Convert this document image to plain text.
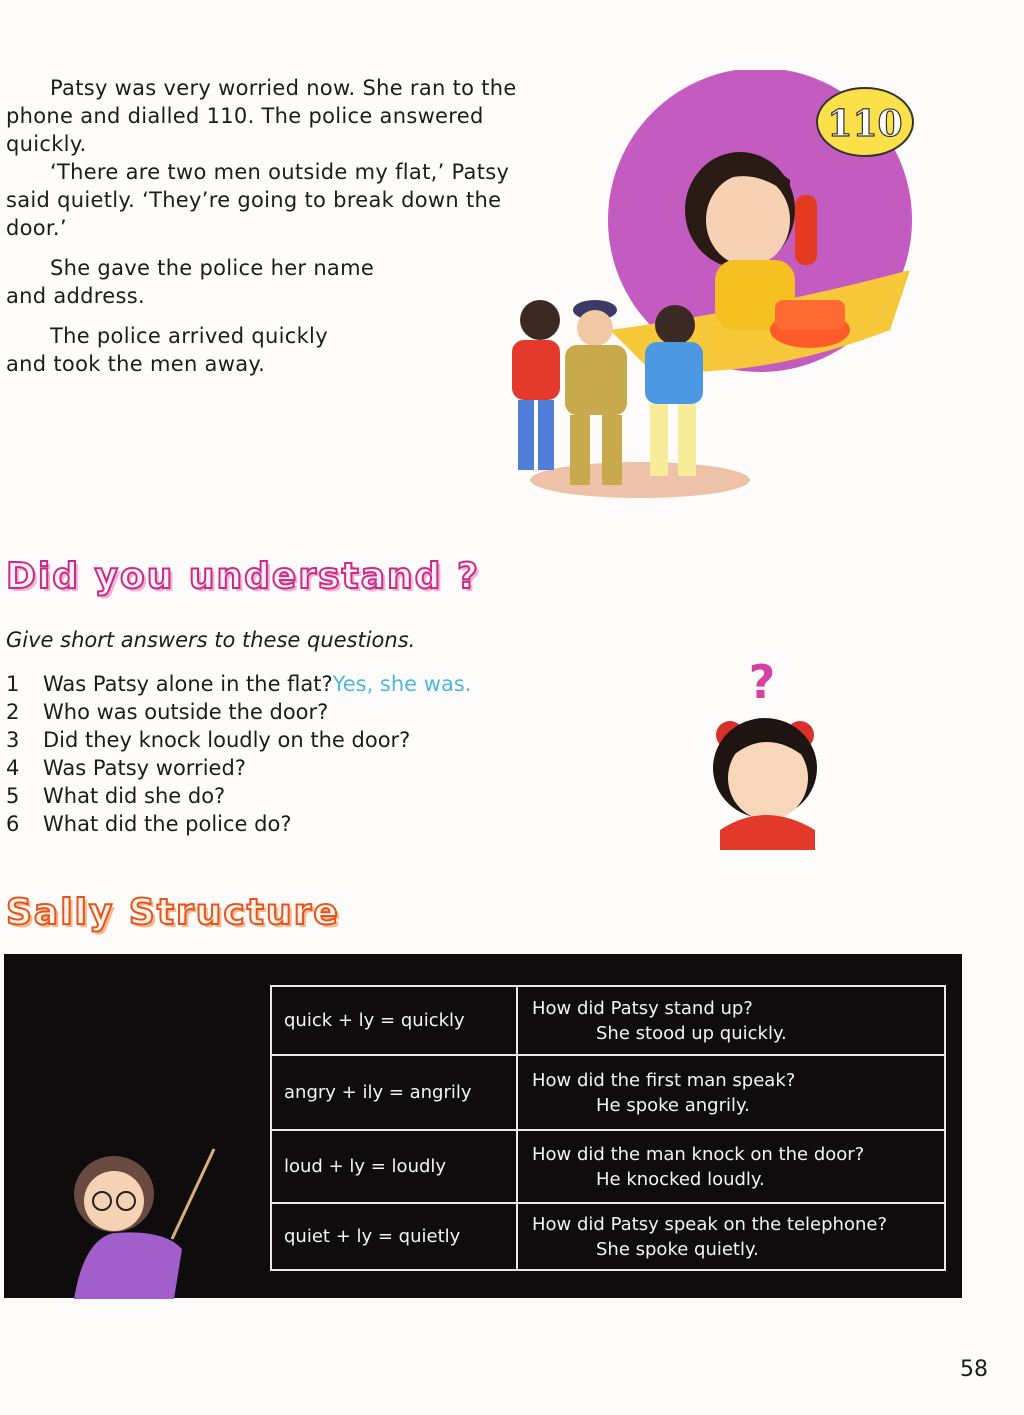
Patsy was very worried now. She ran to the phone and dialled 110. The police answered quickly.

‘There are two men outside my flat,’ Patsy said quietly. ‘They’re going to break down the door.’

She gave the police her name and address.

The police arrived quickly and took the men away.

110
Did you understand ?
Give short answers to these questions.
1	Was Patsy alone in the flat? Yes, she was.
2	Who was outside the door?
3	Did they knock loudly on the door?
4	Was Patsy worried?
5	What did she do?
6	What did the police do?
?
Sally Structure
quick + ly = quickly	How did Patsy stand up?
She stood up quickly.

angry + ily = angrily	How did the first man speak?
He spoke angrily.

loud + ly = loudly	How did the man knock on the door?
He knocked loudly.

quiet + ly = quietly	How did Patsy speak on the telephone?
She spoke quietly.
58
